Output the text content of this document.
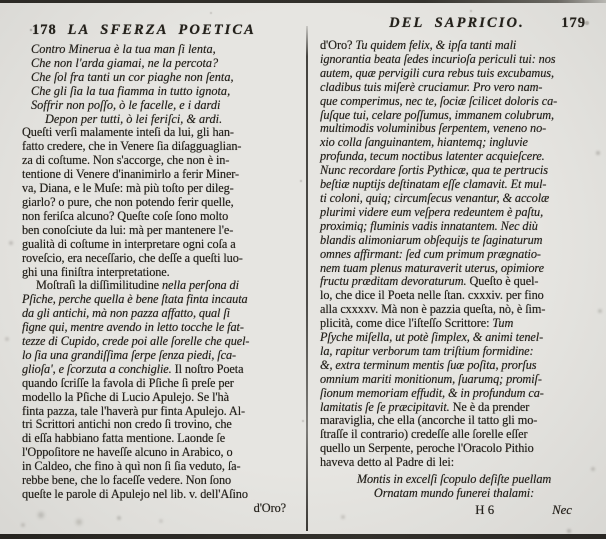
178 LA SFERZA POETICA
Contro Minerua è la tua man ſi lenta,
Che non l'arda giamai, ne la percota?
Che ſol fra tanti un cor piaghe non ſenta,
Che gli ſia la tua fiamma in tutto ignota,
Soffrir non poſſo, ò le facelle, e i dardi
Depon per tutti, ò lei feriſci, & ardi.
Queſti verſi malamente inteſi da lui, gli han-
fatto credere, che in Venere ſia diſagguaglian-
za di coſtume. Non s'accorge, che non è in-
tentione di Venere d'inanimirlo a ferir Miner-
va, Diana, e le Muſe: mà più toſto per dileg-
giarlo? o pure, che non potendo ferir quelle,
non feriſca alcuno? Queſte coſe ſono molto
ben conoſciute da lui: mà per mantenere l'e-
gualità di coſtume in interpretare ogni coſa a
roveſcio, era neceſſario, che deſſe a queſti luo-
ghi una finiſtra interpretatione.
Moſtraſi la diſſimilitudine nella perſona di
Pſiche, perche quella è bene ſtata finta incauta
da gli antichi, mà non pazza affatto, qual ſi
figne qui, mentre avendo in letto tocche le fat-
tezze di Cupido, crede poi alle ſorelle che quel-
lo ſia una grandiſſima ſerpe ſenza piedi, ſca-
glioſa', e ſcorzuta a conchiglie. Il noſtro Poeta
quando ſcriſſe la favola di Pſiche ſi preſe per
modello la Pſiche di Lucio Apulejo. Se l'hà
finta pazza, tale l'haverà pur finta Apulejo. Al-
tri Scrittori antichi non credo ſi trovino, che
di eſſa habbiano fatta mentione. Laonde ſe
l'Oppoſitore ne haveſſe alcuno in Arabico, o
in Caldeo, che fino à quì non ſi ſia veduto, ſa-
rebbe bene, che lo faceſſe vedere. Non ſono
queſte le parole di Apulejo nel lib. v. dell'Aſino
d'Oro?
DEL SAPRICIO.	179
d'Oro? Tu quidem felix, & ipſa tanti mali
ignorantia beata ſedes incurioſa periculi tui: nos
autem, quæ pervigili cura rebus tuis excubamus,
cladibus tuis miſerè cruciamur. Pro vero nam-
que comperimus, nec te, ſociæ ſcilicet doloris ca-
ſuſque tui, celare poſſumus, immanem colubrum,
multimodis voluminibus ſerpentem, veneno no-
xio colla ſanguinantem, hiantemq; ingluvie
profunda, tecum noctibus latenter acquieſcere.
Nunc recordare ſortis Pythicæ, qua te pertrucis
beſtiæ nuptijs deſtinatam eſſe clamavit. Et mul-
ti coloni, quiq; circumſecus venantur, & accolæ
plurimi videre eum veſpera redeuntem è paſtu,
proximiq; fluminis vadis innatantem. Nec diù
blandis alimoniarum obſequijs te ſaginaturum
omnes affirmant: ſed cum primum prægnatio-
nem tuam plenus maturaverit uterus, opimiore
fructu præditam devoraturum. Queſto è quel-
lo, che dice il Poeta nelle ſtan. cxxxiv. per fino
alla cxxxxv. Mà non è pazzia queſta, nò, è ſim-
plicità, come dice l'iſteſſo Scrittore: Tum
Pſyche miſella, ut potè ſimplex, & animi tenel-
la, rapitur verborum tam triſtium formidine:
&, extra terminum mentis ſuæ poſita, prorſus
omnium mariti monitionum, ſuarumq; promiſ-
ſionum memoriam effudit, & in profundum ca-
lamitatis ſe ſe præcipitavit. Ne è da prender
maraviglia, che ella (ancorche il tatto gli mo-
ſtraſſe il contrario) credeſſe alle ſorelle eſſer
quello un Serpente, peroche l'Oracolo Pithio
haveva detto al Padre di lei:
Montis in excelſi ſcopulo deſiſte puellam
Ornatam mundo funerei thalami:
H 6	Nec
